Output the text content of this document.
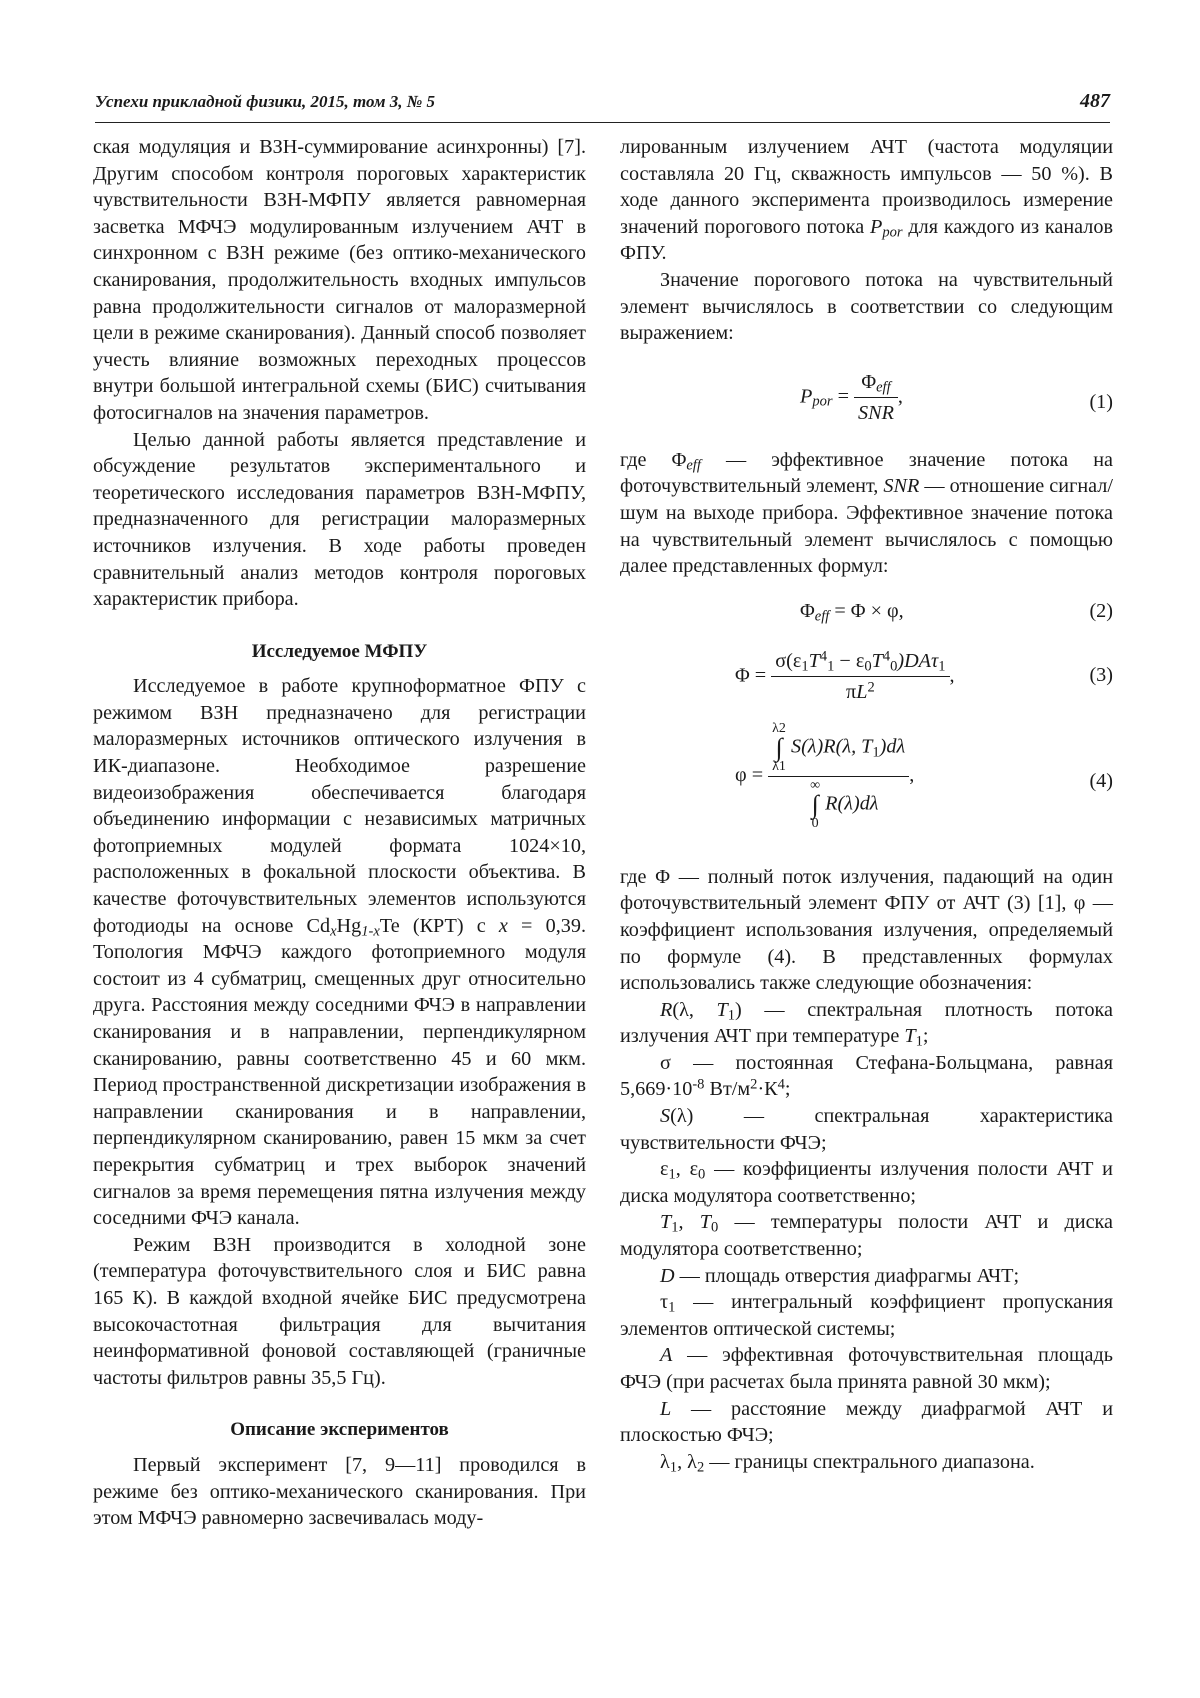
Успехи прикладной физики, 2015, том 3, № 5	487

ская модуляция и ВЗН-суммирование асинхронны) [7]. Другим способом контроля пороговых характеристик чувствительности ВЗН-МФПУ является равномерная засветка МФЧЭ модулированным излучением АЧТ в синхронном с ВЗН режиме (без оптико-механического сканирования, продолжительность входных импульсов равна продолжительности сигналов от малоразмерной цели в режиме сканирования). Данный способ позволяет учесть влияние возможных переходных процессов внутри большой интегральной схемы (БИС) считывания фотосигналов на значения параметров.

Целью данной работы является представление и обсуждение результатов экспериментального и теоретического исследования параметров ВЗН-МФПУ, предназначенного для регистрации малоразмерных источников излучения. В ходе работы проведен сравнительный анализ методов контроля пороговых характеристик прибора.

Исследуемое МФПУ

Исследуемое в работе крупноформатное ФПУ с режимом ВЗН предназначено для регистрации малоразмерных источников оптического излучения в ИК-диапазоне. Необходимое разрешение видеоизображения обеспечивается благодаря объединению информации с независимых матричных фотоприемных модулей формата 1024×10, расположенных в фокальной плоскости объектива. В качестве фоточувствительных элементов используются фотодиоды на основе $Cd_xHg_{1-x}Te$ (КРТ) с x = 0,39. Топология МФЧЭ каждого фотоприемного модуля состоит из 4 субматриц, смещенных друг относительно друга. Расстояния между соседними ФЧЭ в направлении сканирования и в направлении, перпендикулярном сканированию, равны соответственно 45 и 60 мкм. Период пространственной дискретизации изображения в направлении сканирования и в направлении, перпендикулярном сканированию, равен 15 мкм за счет перекрытия субматриц и трех выборок значений сигналов за время перемещения пятна излучения между соседними ФЧЭ канала.

Режим ВЗН производится в холодной зоне (температура фоточувствительного слоя и БИС равна 165 К). В каждой входной ячейке БИС предусмотрена высокочастотная фильтрация для вычитания неинформативной фоновой составляющей (граничные частоты фильтров равны 35,5 Гц).

Описание экспериментов

Первый эксперимент [7, 9—11] проводился в режиме без оптико-механического сканирования. При этом МФЧЭ равномерно засвечивалась моду-

лированным излучением АЧТ (частота модуляции составляла 20 Гц, скважность импульсов — 50 %). В ходе данного эксперимента производилось измерение значений порогового потока $P_{por}$ для каждого из каналов ФПУ.

Значение порогового потока на чувствительный элемент вычислялось в соответствии со следующим выражением:

$P_{por} = \frac{\Phi_{eff}}{\text{SNR}}$ ,	(1)

где $\Phi_{eff}$ — эффективное значение потока на фоточувствительный элемент, SNR — отношение сигнал/шум на выходе прибора. Эффективное значение потока на чувствительный элемент вычислялось с помощью далее представленных формул:

$\Phi_{eff} = \Phi \times \varphi$,	(2)
$\Phi = \frac{\sigma(\varepsilon_1T^4_1 - \varepsilon_0T^4_0)DA\tau_1}{\pi L^2}$ ,	(3)
φ = λ2
∫
λ1 S(λ)R(λ, $T_1)d\lambda$
∞
∫
0 R(λ)dλ ,	(4)

где Φ — полный поток излучения, падающий на один фоточувствительный элемент ФПУ от АЧТ (3) [1], φ — коэффициент использования излучения, определяемый по формуле (4). В представленных формулах использовались также следующие обозначения:

R(λ, $T_1$) — спектральная плотность потока излучения АЧТ при температуре $T_1$;

σ — постоянная Стефана-Больцмана, равная $5,669\cdot 10^{-8}$ $Вт/м^2\cdot К^4$;

S(λ) — спектральная характеристика чувствительности ФЧЭ;

$\varepsilon_1$, $\varepsilon_0$ — коэффициенты излучения полости АЧТ и диска модулятора соответственно;

$T_1$, $T_0$ — температуры полости АЧТ и диска модулятора соответственно;

D — площадь отверстия диафрагмы АЧТ;

$\tau_1$ — интегральный коэффициент пропускания элементов оптической системы;

A — эффективная фоточувствительная площадь ФЧЭ (при расчетах была принята равной 30 мкм);

L — расстояние между диафрагмой АЧТ и плоскостью ФЧЭ;

$\lambda_1$, $\lambda_2$ — границы спектрального диапазона.
